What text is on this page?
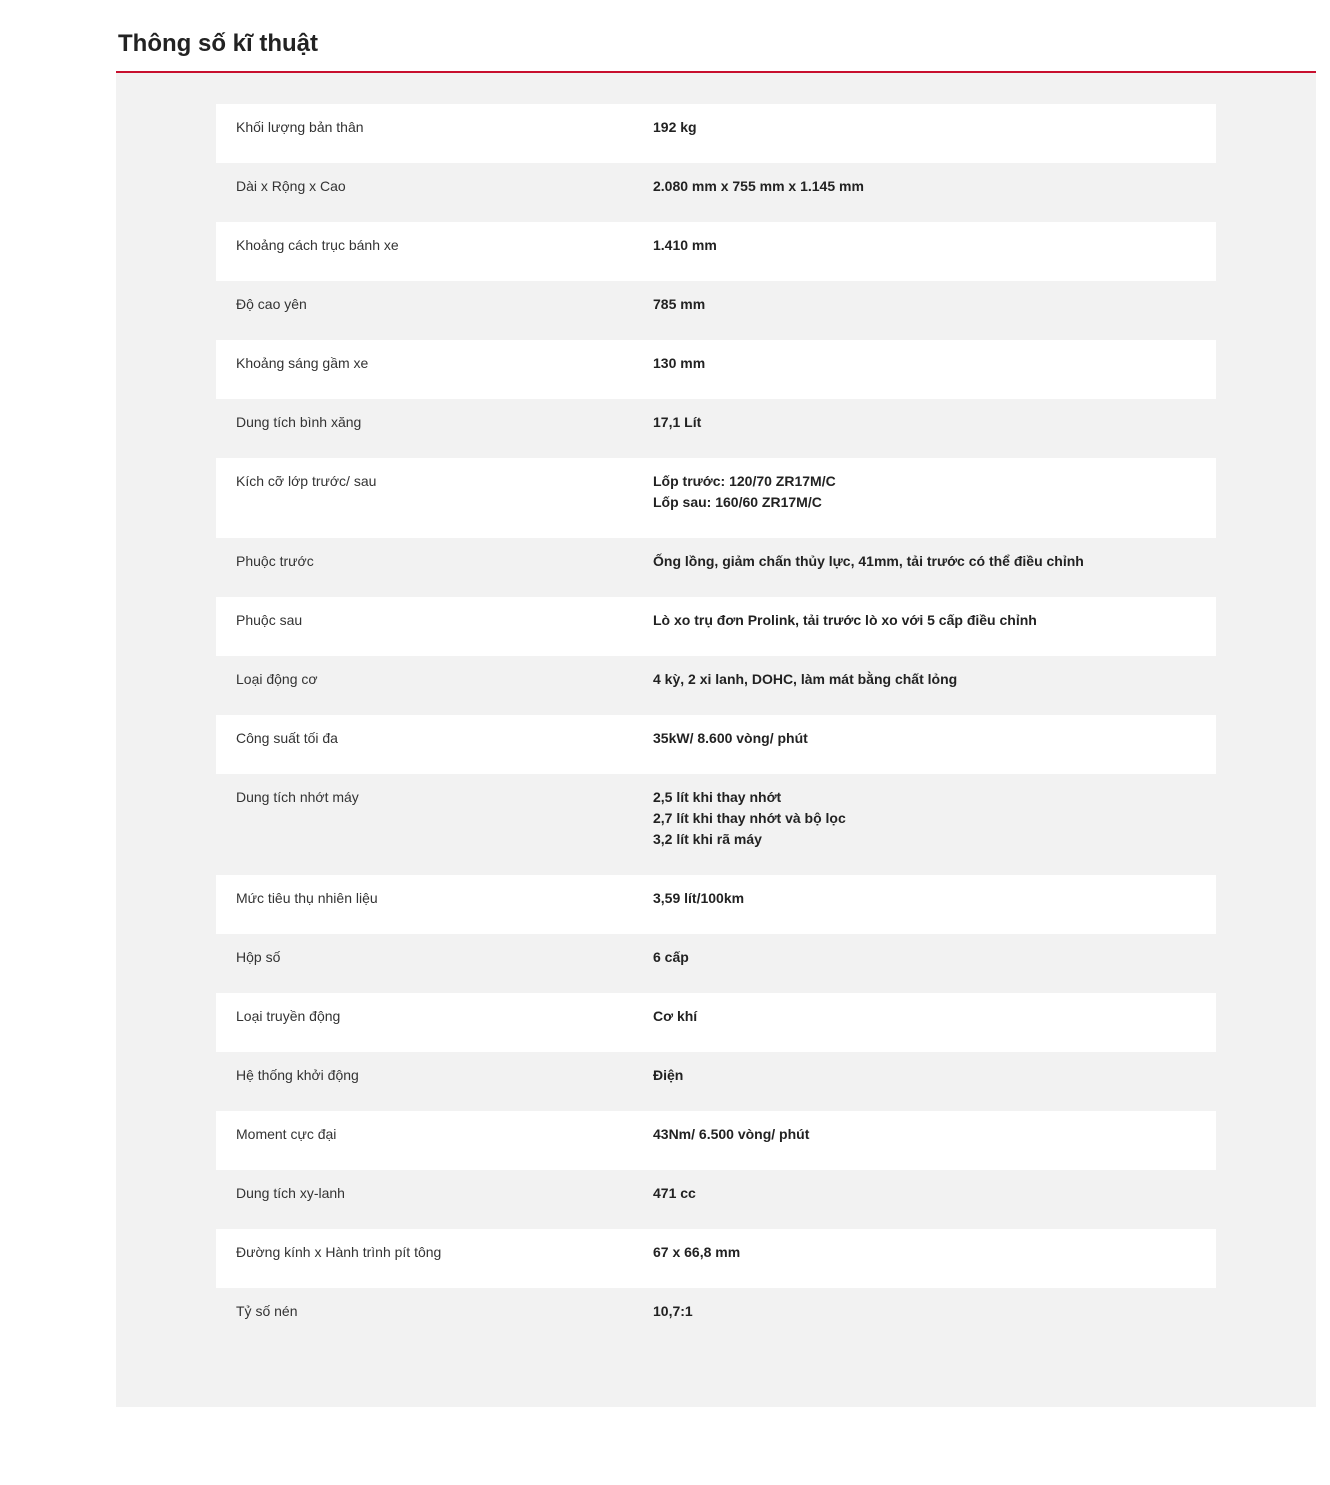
Thông số kĩ thuật
Khối lượng bản thân	192 kg
Dài x Rộng x Cao	2.080 mm x 755 mm x 1.145 mm
Khoảng cách trục bánh xe	1.410 mm
Độ cao yên	785 mm
Khoảng sáng gầm xe	130 mm
Dung tích bình xăng	17,1 Lít
Kích cỡ lớp trước/ sau	Lốp trước: 120/70 ZR17M/C
Lốp sau: 160/60 ZR17M/C
Phuộc trước	Ống lồng, giảm chấn thủy lực, 41mm, tải trước có thể điều chỉnh
Phuộc sau	Lò xo trụ đơn Prolink, tải trước lò xo với 5 cấp điều chỉnh
Loại động cơ	4 kỳ, 2 xi lanh, DOHC, làm mát bằng chất lỏng
Công suất tối đa	35kW/ 8.600 vòng/ phút
Dung tích nhớt máy	2,5 lít khi thay nhớt
2,7 lít khi thay nhớt và bộ lọc
3,2 lít khi rã máy
Mức tiêu thụ nhiên liệu	3,59 lít/100km
Hộp số	6 cấp
Loại truyền động	Cơ khí
Hệ thống khởi động	Điện
Moment cực đại	43Nm/ 6.500 vòng/ phút
Dung tích xy-lanh	471 cc
Đường kính x Hành trình pít tông	67 x 66,8 mm
Tỷ số nén	10,7:1
